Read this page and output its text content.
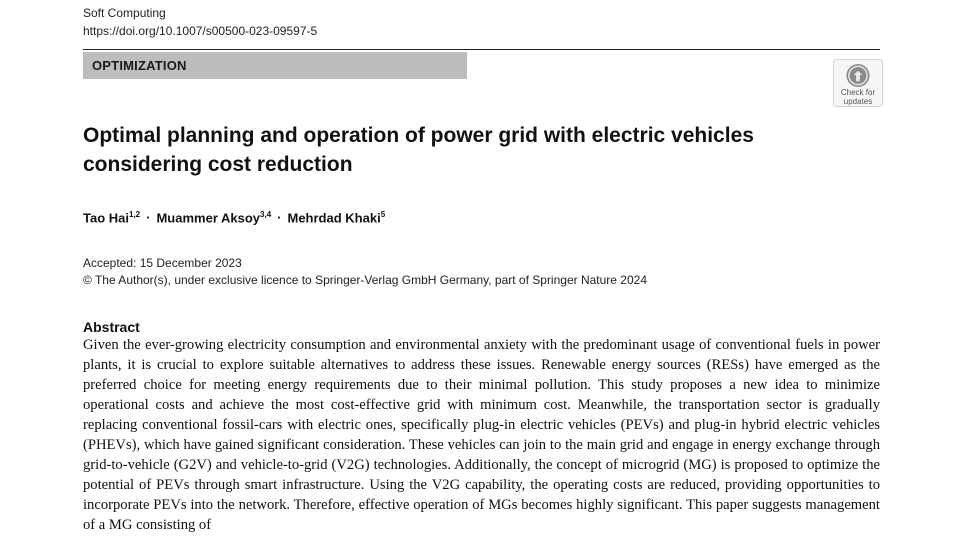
Soft Computing
https://doi.org/10.1007/s00500-023-09597-5
OPTIMIZATION
Check for
updates
Optimal planning and operation of power grid with electric vehicles considering cost reduction
Tao Hai$^{1,2}$ · Muammer Aksoy$^{3,4}$ · Mehrdad Khaki$^5$
Accepted: 15 December 2023
© The Author(s), under exclusive licence to Springer-Verlag GmbH Germany, part of Springer Nature 2024
Abstract

Given the ever-growing electricity consumption and environmental anxiety with the predominant usage of conventional fuels in power plants, it is crucial to explore suitable alternatives to address these issues. Renewable energy sources (RESs) have emerged as the preferred choice for meeting energy requirements due to their minimal pollution. This study proposes a new idea to minimize operational costs and achieve the most cost-effective grid with minimum cost. Meanwhile, the transportation sector is gradually replacing conventional fossil-cars with electric ones, specifically plug-in electric vehicles (PEVs) and plug-in hybrid electric vehicles (PHEVs), which have gained significant consideration. These vehicles can join to the main grid and engage in energy exchange through grid-to-vehicle (G2V) and vehicle-to-grid (V2G) technologies. Additionally, the concept of microgrid (MG) is proposed to optimize the potential of PEVs through smart infrastructure. Using the V2G capability, the operating costs are reduced, providing opportunities to incorporate PEVs into the network. Therefore, effective operation of MGs becomes highly significant. This paper suggests management of a MG consisting of
